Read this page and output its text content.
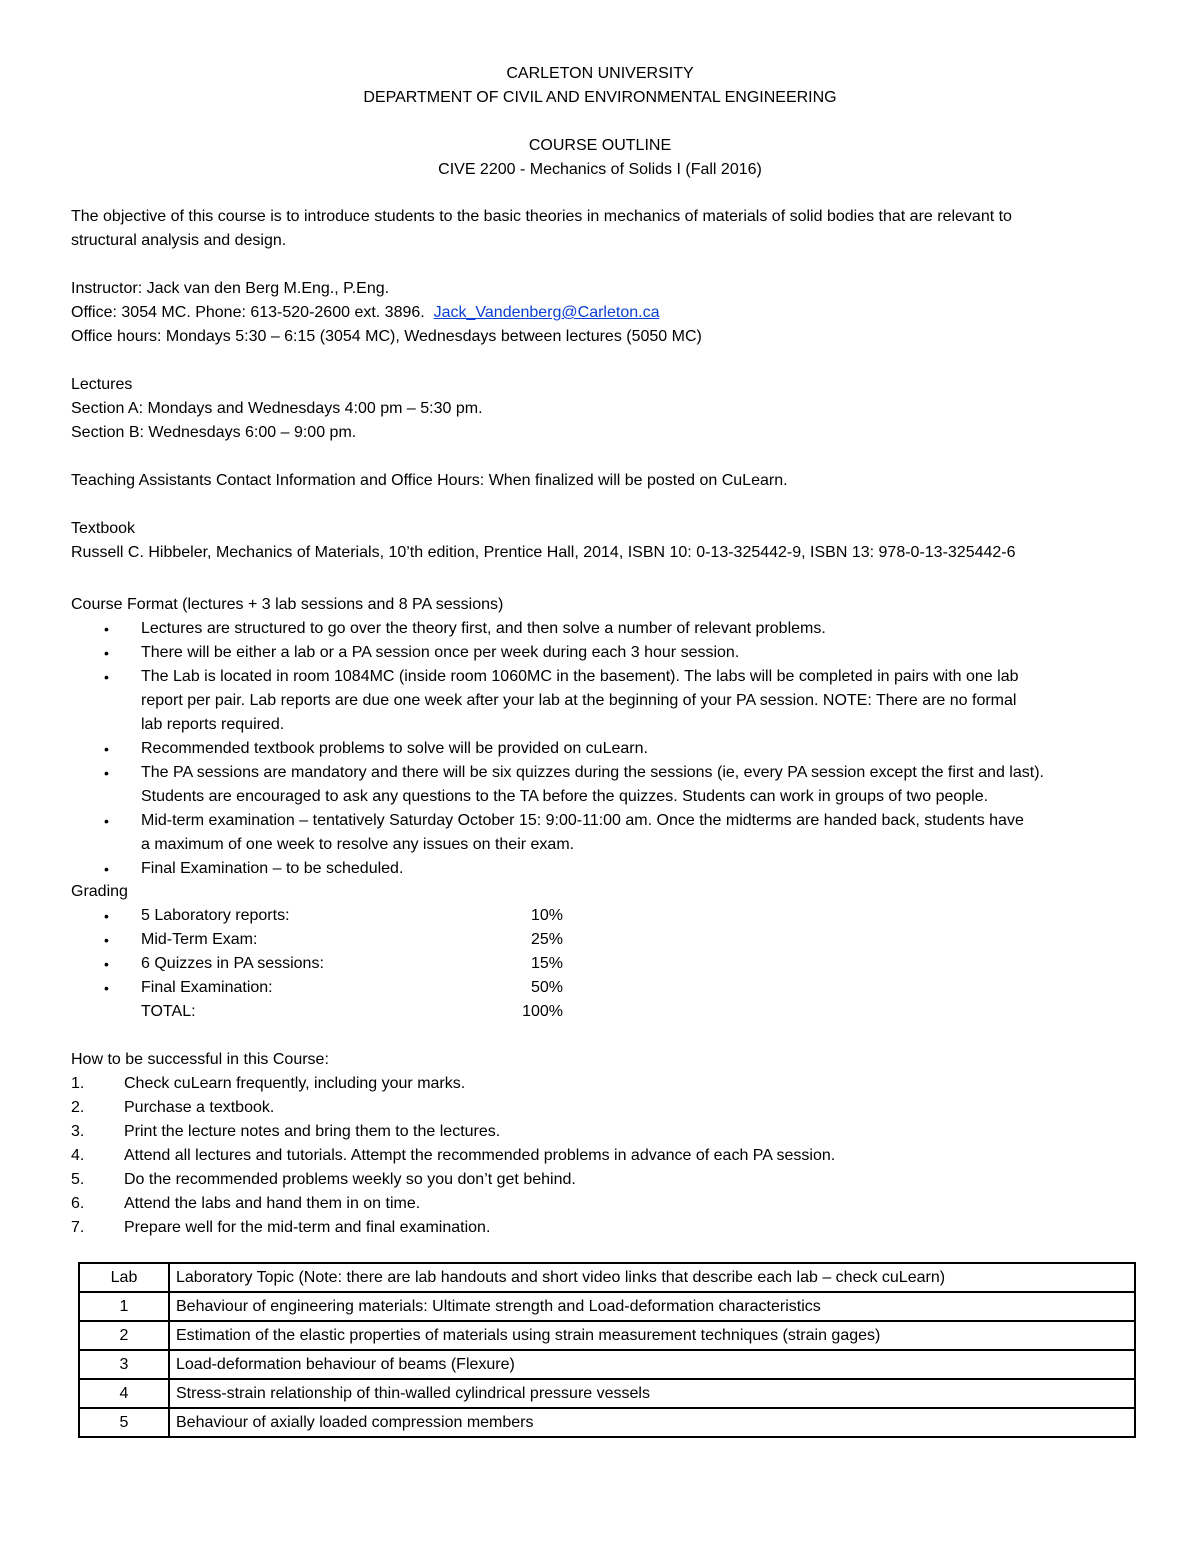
CARLETON UNIVERSITY
DEPARTMENT OF CIVIL AND ENVIRONMENTAL ENGINEERING
COURSE OUTLINE
CIVE 2200 - Mechanics of Solids I (Fall 2016)
The objective of this course is to introduce students to the basic theories in mechanics of materials of solid bodies that are relevant to
structural analysis and design.
Instructor: Jack van den Berg M.Eng., P.Eng.
Office: 3054 MC. Phone: 613-520-2600 ext. 3896. Jack_Vandenberg@Carleton.ca
Office hours: Mondays 5:30 – 6:15 (3054 MC), Wednesdays between lectures (5050 MC)
Lectures
Section A: Mondays and Wednesdays 4:00 pm – 5:30 pm.
Section B: Wednesdays 6:00 – 9:00 pm.
Teaching Assistants Contact Information and Office Hours: When finalized will be posted on CuLearn.
Textbook
Russell C. Hibbeler, Mechanics of Materials, 10’th edition, Prentice Hall, 2014, ISBN 10: 0-13-325442-9, ISBN 13: 978-0-13-325442-6
Course Format (lectures + 3 lab sessions and 8 PA sessions)
• Lectures are structured to go over the theory first, and then solve a number of relevant problems.
• There will be either a lab or a PA session once per week during each 3 hour session.
• The Lab is located in room 1084MC (inside room 1060MC in the basement). The labs will be completed in pairs with one lab
report per pair. Lab reports are due one week after your lab at the beginning of your PA session. NOTE: There are no formal
lab reports required.
• Recommended textbook problems to solve will be provided on cuLearn.
• The PA sessions are mandatory and there will be six quizzes during the sessions (ie, every PA session except the first and last).
Students are encouraged to ask any questions to the TA before the quizzes. Students can work in groups of two people.
• Mid-term examination – tentatively Saturday October 15: 9:00-11:00 am. Once the midterms are handed back, students have
a maximum of one week to resolve any issues on their exam.
• Final Examination – to be scheduled.
Grading
• 5 Laboratory reports:	10%
• Mid-Term Exam:	25%
• 6 Quizzes in PA sessions:	15%
• Final Examination:	50%
TOTAL:	100%
How to be successful in this Course:
1. Check cuLearn frequently, including your marks.
2. Purchase a textbook.
3. Print the lecture notes and bring them to the lectures.
4. Attend all lectures and tutorials. Attempt the recommended problems in advance of each PA session.
5. Do the recommended problems weekly so you don’t get behind.
6. Attend the labs and hand them in on time.
7. Prepare well for the mid-term and final examination.
Lab	Laboratory Topic (Note: there are lab handouts and short video links that describe each lab – check cuLearn)
1	Behaviour of engineering materials: Ultimate strength and Load-deformation characteristics
2	Estimation of the elastic properties of materials using strain measurement techniques (strain gages)
3	Load-deformation behaviour of beams (Flexure)
4	Stress-strain relationship of thin-walled cylindrical pressure vessels
5	Behaviour of axially loaded compression members
